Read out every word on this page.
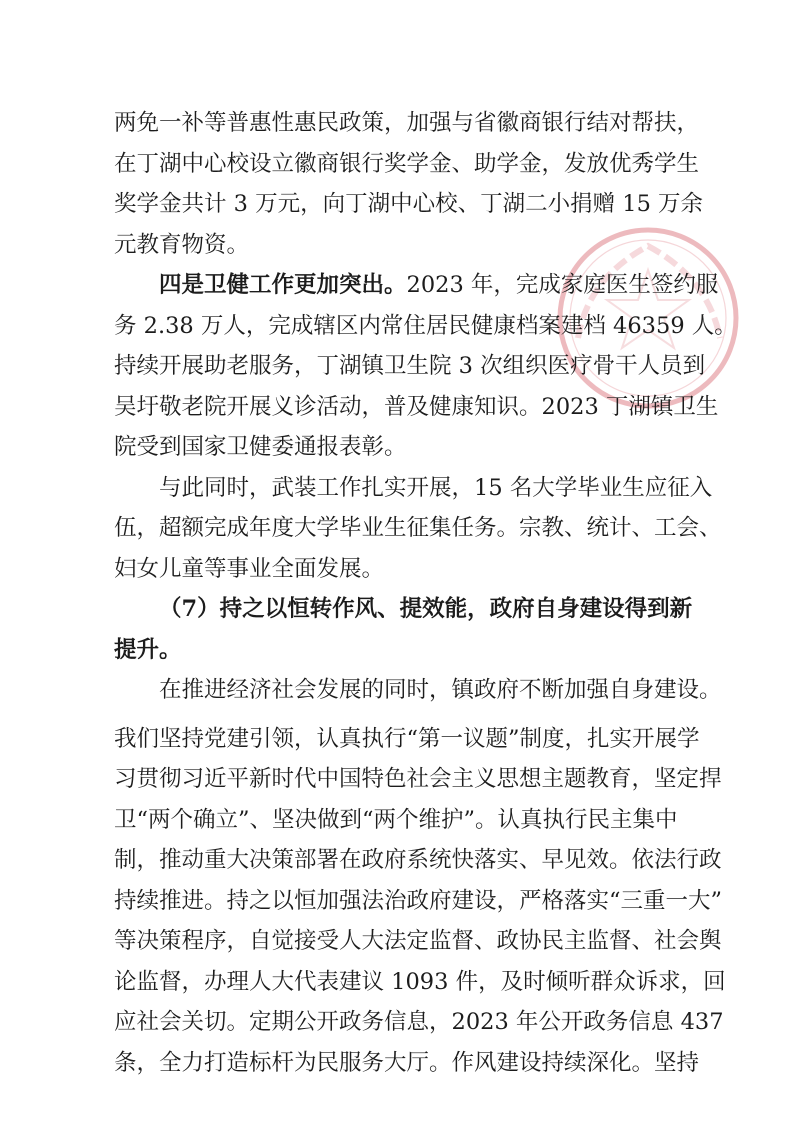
两免一补等普惠性惠民政策，加强与省徽商银行结对帮扶，
在丁湖中心校设立徽商银行奖学金、助学金，发放优秀学生
奖学金共计 3 万元，向丁湖中心校、丁湖二小捐赠 15 万余
元教育物资。
四是卫健工作更加突出。 2023 年，完成家庭医生签约服
务 2.38 万人，完成辖区内常住居民健康档案建档 46359 人。
持续开展助老服务，丁湖镇卫生院 3 次组织医疗骨干人员到
吴圩敬老院开展义诊活动，普及健康知识。2023 丁湖镇卫生
院受到国家卫健委通报表彰。
与此同时，武装工作扎实开展，15 名大学毕业生应征入
伍，超额完成年度大学毕业生征集任务。宗教、统计、工会、
妇女儿童等事业全面发展。
（7）持之以恒转作风、提效能，政府自身建设得到新
提升。
在推进经济社会发展的同时，镇政府不断加强自身建设。
我们坚持党建引领，认真执行“第一议题”制度，扎实开展学
习贯彻习近平新时代中国特色社会主义思想主题教育，坚定捍
卫“两个确立”、坚决做到“两个维护”。认真执行民主集中
制，推动重大决策部署在政府系统快落实、早见效。依法行政
持续推进。持之以恒加强法治政府建设，严格落实“三重一大”
等决策程序，自觉接受人大法定监督、政协民主监督、社会舆
论监督，办理人大代表建议 1093 件，及时倾听群众诉求，回
应社会关切。定期公开政务信息，2023 年公开政务信息 437
条，全力打造标杆为民服务大厅。作风建设持续深化。坚持
